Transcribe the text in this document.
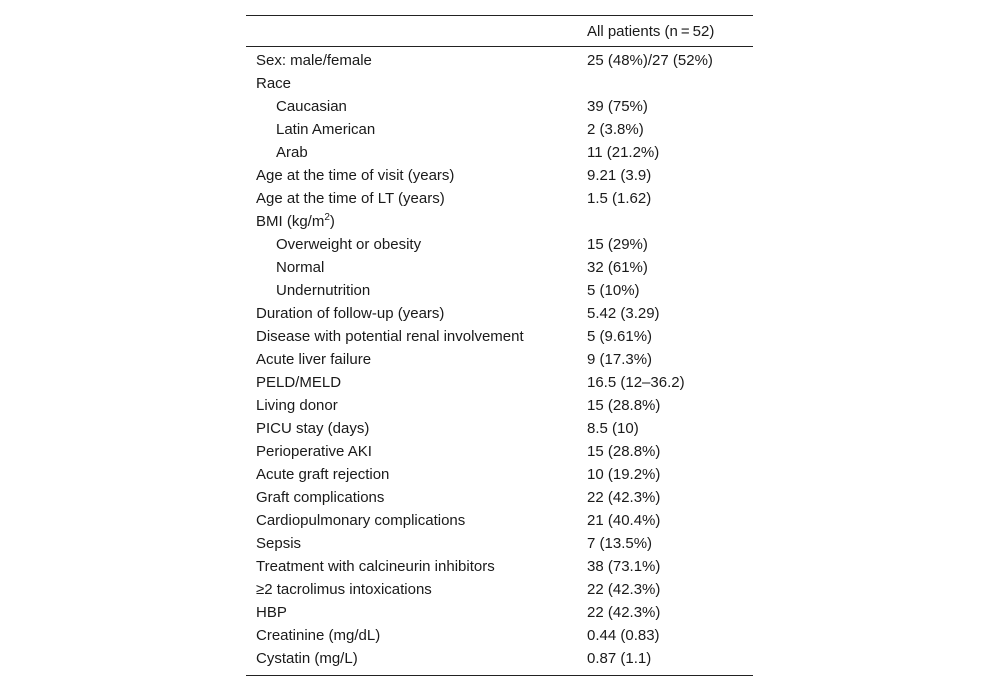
	All patients (n = 52)
Sex: male/female	25 (48%)/27 (52%)
Race	
Caucasian	39 (75%)
Latin American	2 (3.8%)
Arab	11 (21.2%)
Age at the time of visit (years)	9.21 (3.9)
Age at the time of LT (years)	1.5 (1.62)
BMI $(kg/m^2)$	
Overweight or obesity	15 (29%)
Normal	32 (61%)
Undernutrition	5 (10%)
Duration of follow-up (years)	5.42 (3.29)
Disease with potential renal involvement	5 (9.61%)
Acute liver failure	9 (17.3%)
PELD/MELD	16.5 (12–36.2)
Living donor	15 (28.8%)
PICU stay (days)	8.5 (10)
Perioperative AKI	15 (28.8%)
Acute graft rejection	10 (19.2%)
Graft complications	22 (42.3%)
Cardiopulmonary complications	21 (40.4%)
Sepsis	7 (13.5%)
Treatment with calcineurin inhibitors	38 (73.1%)
≥2 tacrolimus intoxications	22 (42.3%)
HBP	22 (42.3%)
Creatinine (mg/dL)	0.44 (0.83)
Cystatin (mg/L)	0.87 (1.1)
